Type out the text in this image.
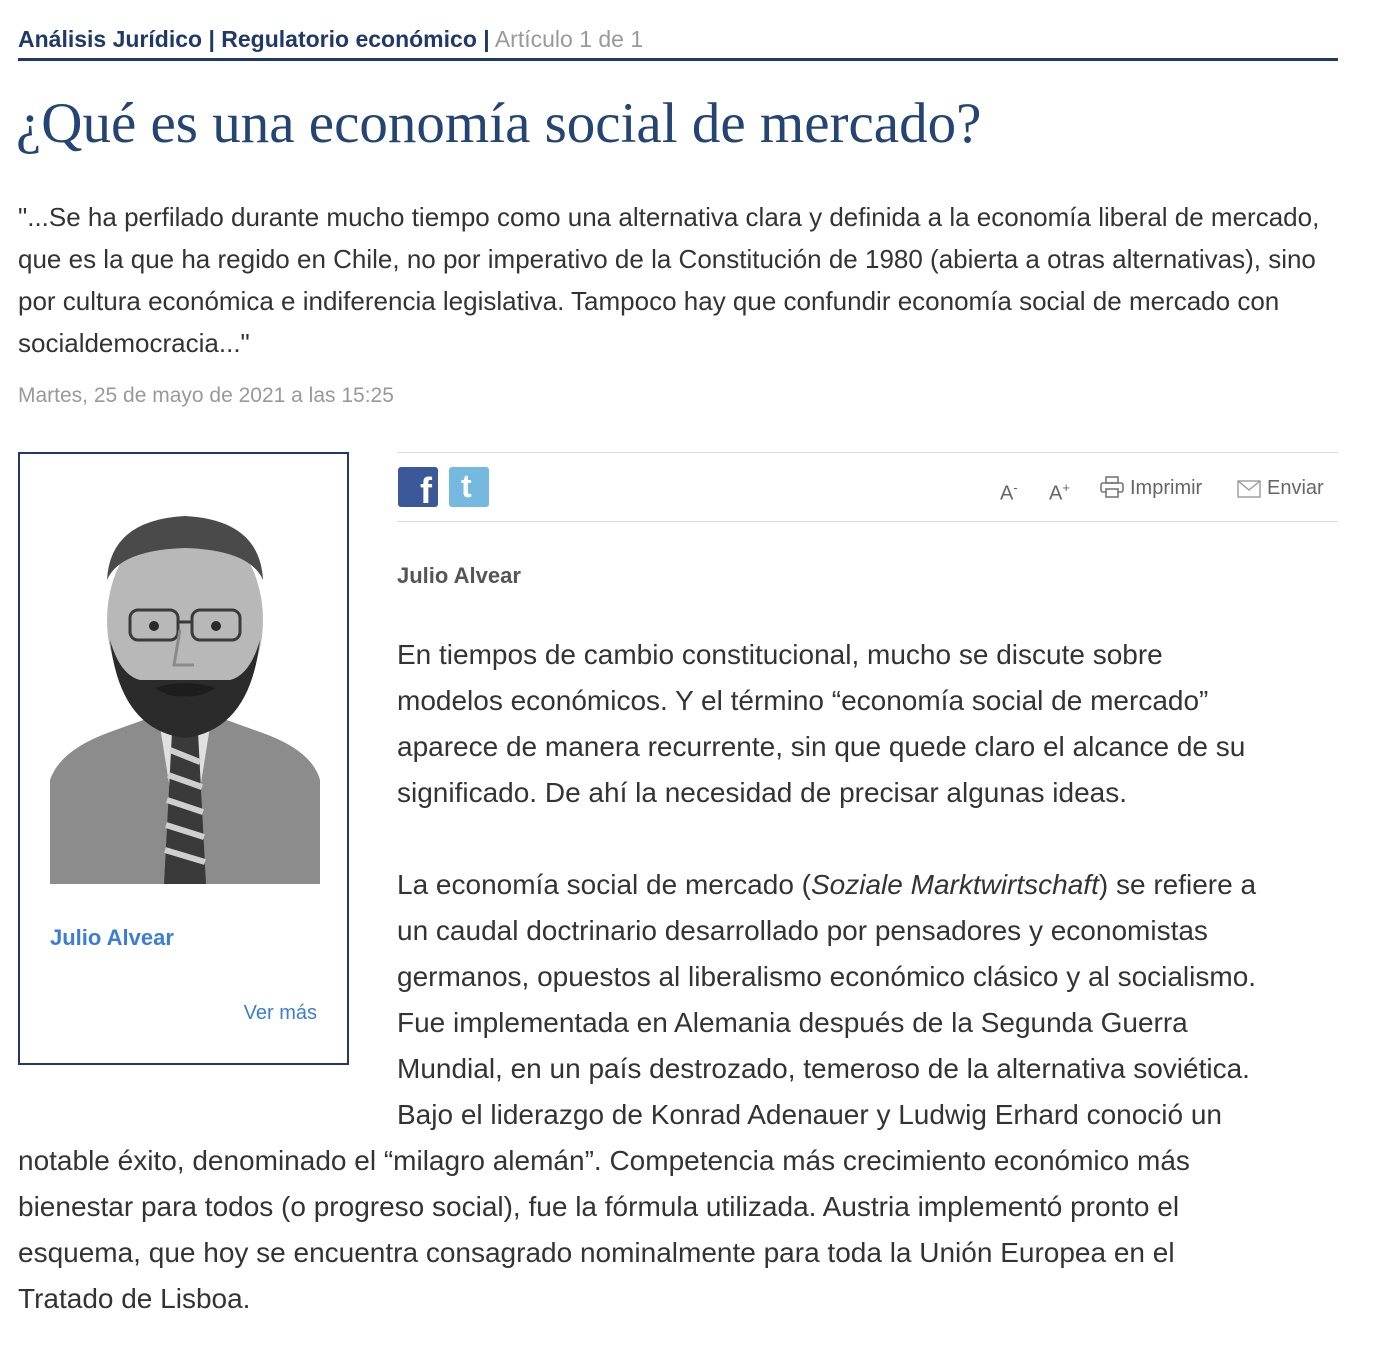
Análisis Jurídico | Regulatorio económico | Artículo 1 de 1
¿Qué es una economía social de mercado?

"...Se ha perfilado durante mucho tiempo como una alternativa clara y definida a la economía liberal de mercado, que es la que ha regido en Chile, no por imperativo de la Constitución de 1980 (abierta a otras alternativas), sino por cultura económica e indiferencia legislativa. Tampoco hay que confundir economía social de mercado con socialdemocracia..."

Martes, 25 de mayo de 2021 a las 15:25
Julio Alvear
Ver más
f t	A- A+	Imprimir	Enviar
Julio Alvear

En tiempos de cambio constitucional, mucho se discute sobre

modelos económicos. Y el término “economía social de mercado”

aparece de manera recurrente, sin que quede claro el alcance de su

significado. De ahí la necesidad de precisar algunas ideas.

La economía social de mercado (Soziale Marktwirtschaft) se refiere a

un caudal doctrinario desarrollado por pensadores y economistas

germanos, opuestos al liberalismo económico clásico y al socialismo.

Fue implementada en Alemania después de la Segunda Guerra

Mundial, en un país destrozado, temeroso de la alternativa soviética.

Bajo el liderazgo de Konrad Adenauer y Ludwig Erhard conoció un

notable éxito, denominado el “milagro alemán”. Competencia más crecimiento económico más

bienestar para todos (o progreso social), fue la fórmula utilizada. Austria implementó pronto el

esquema, que hoy se encuentra consagrado nominalmente para toda la Unión Europea en el

Tratado de Lisboa.
